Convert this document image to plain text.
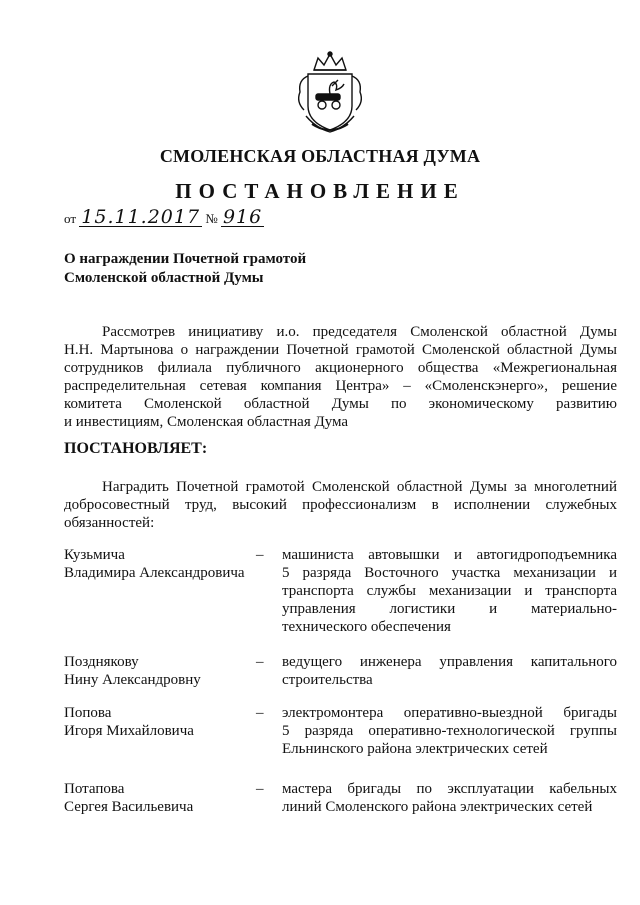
СМОЛЕНСКАЯ ОБЛАСТНАЯ ДУМА
ПОСТАНОВЛЕНИЕ
от 15.11.2017 № 916
О награждении Почетной грамотой
Смоленской областной Думы
Рассмотрев инициативу и.о. председателя Смоленской областной Думы
Н.Н. Мартынова о награждении Почетной грамотой Смоленской областной Думы
сотрудников филиала публичного акционерного общества «Межрегиональная
распределительная сетевая компания Центра» – «Смоленскэнерго», решение
комитета Смоленской областной Думы по экономическому развитию
и инвестициям, Смоленская областная Дума
ПОСТАНОВЛЯЕТ:
Наградить Почетной грамотой Смоленской областной Думы за многолетний
добросовестный труд, высокий профессионализм в исполнении служебных
обязанностей:
Кузьмича
Владимира Александровича
– машиниста автовышки и автогидроподъемника
5 разряда Восточного участка механизации и
транспорта службы механизации и транспорта
управления логистики и материально-
технического обеспечения
Позднякову
Нину Александровну
– ведущего инженера управления капитального
строительства
Попова
Игоря Михайловича
– электромонтера оперативно-выездной бригады
5 разряда оперативно-технологической группы
Ельнинского района электрических сетей
Потапова
Сергея Васильевича
– мастера бригады по эксплуатации кабельных
линий Смоленского района электрических сетей
